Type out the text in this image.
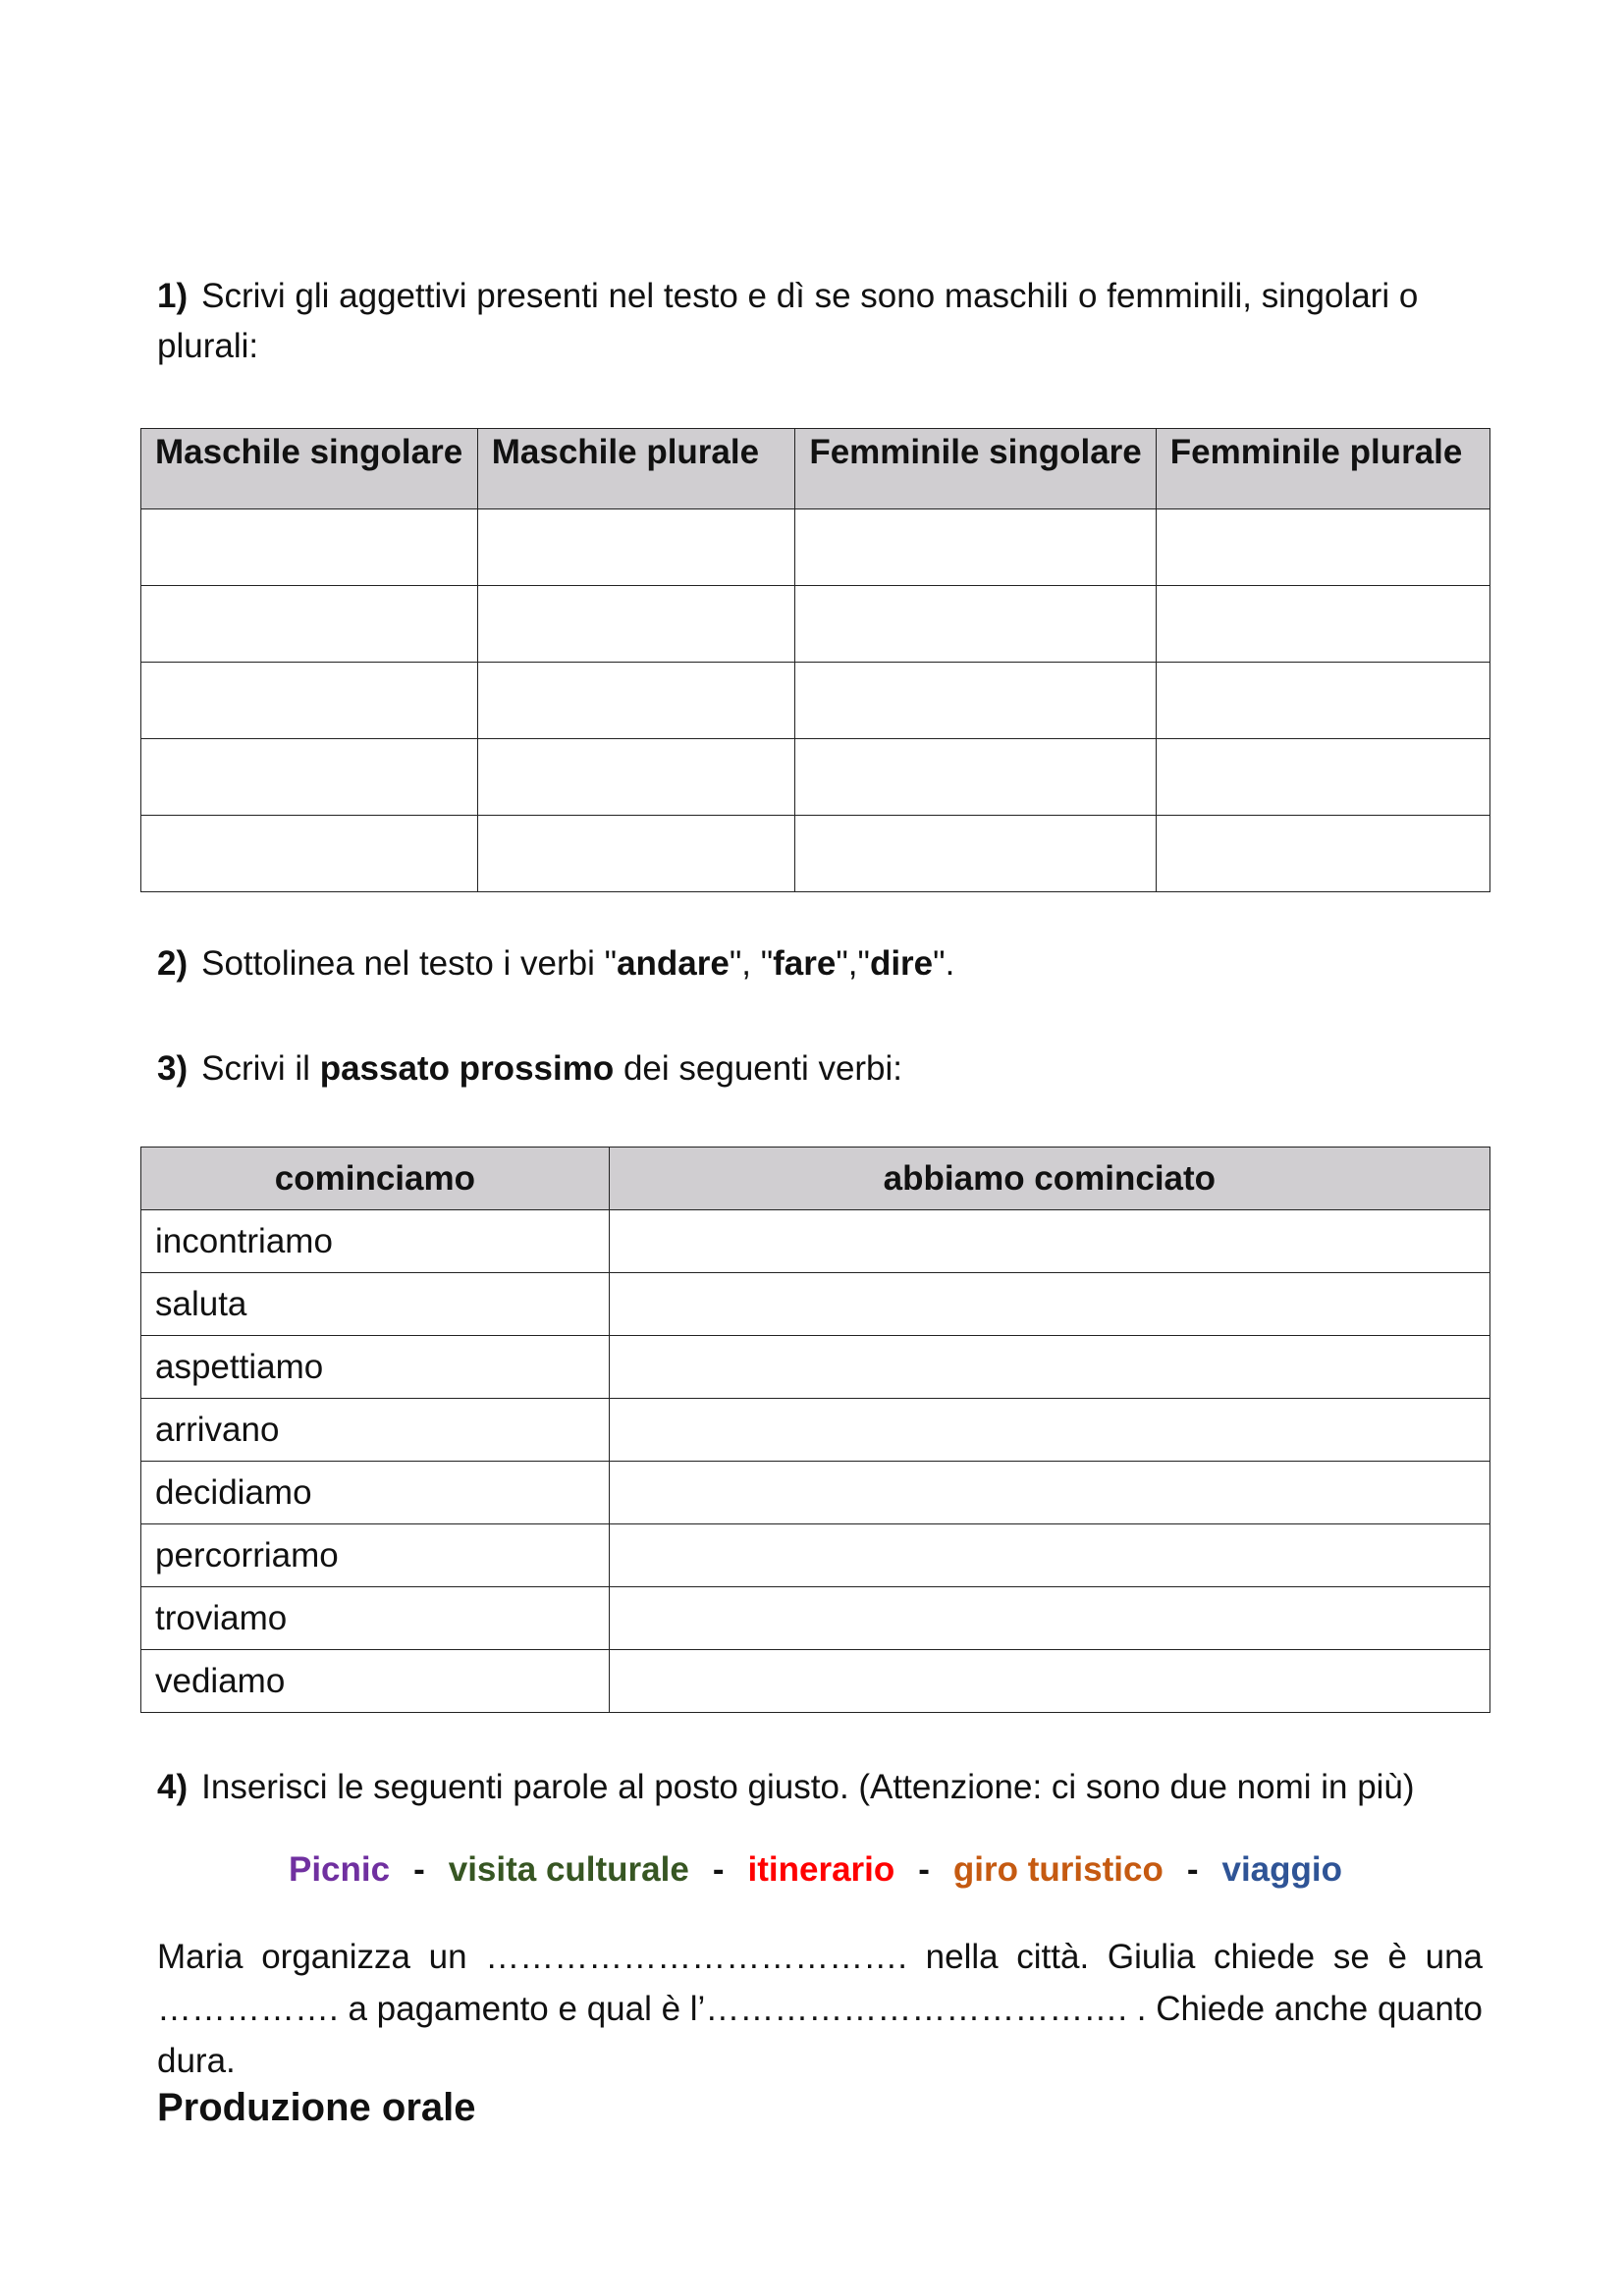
1) Scrivi gli aggettivi presenti nel testo e dì se sono maschili o femminili, singolari o plurali:

Maschile singolare	Maschile plurale	Femminile singolare	Femminile plurale

2) Sottolinea nel testo i verbi "andare", "fare","dire".

3) Scrivi il passato prossimo dei seguenti verbi:

cominciamo	abbiamo cominciato
incontriamo	
saluta	
aspettiamo	
arrivano	
decidiamo	
percorriamo	
troviamo	
vediamo	

4) Inserisci le seguenti parole al posto giusto. (Attenzione: ci sono due nomi in più)

Picnic - visita culturale - itinerario - giro turistico - viaggio

Maria organizza un ………………………………. nella città. Giulia chiede se è una ……………. a pagamento e qual è l’………………………………. . Chiede anche quanto dura.

Produzione orale
